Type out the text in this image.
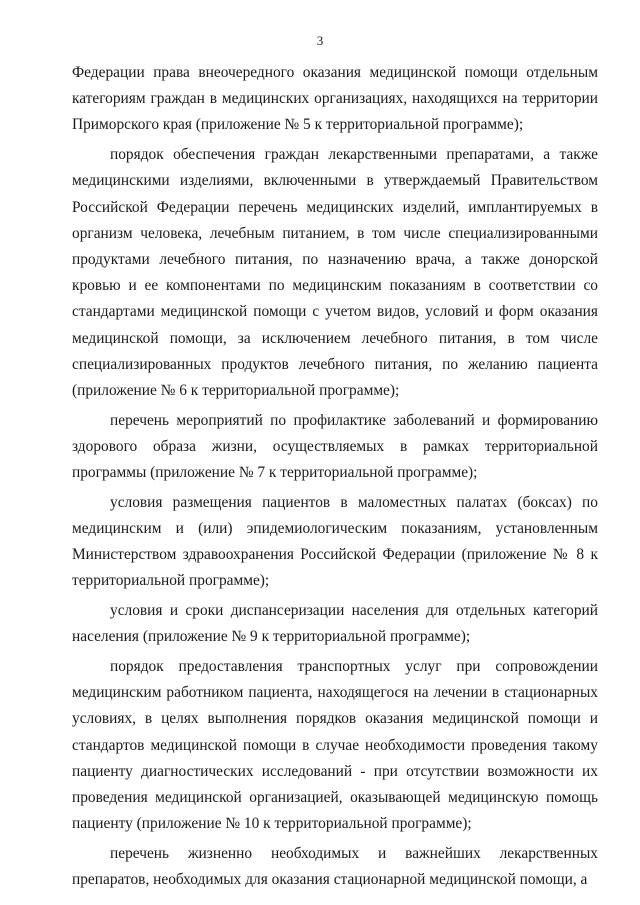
3

Федерации права внеочередного оказания медицинской помощи отдельным категориям граждан в медицинских организациях, находящихся на территории Приморского края (приложение № 5 к территориальной программе);

порядок обеспечения граждан лекарственными препаратами, а также медицинскими изделиями, включенными в утверждаемый Правительством Российской Федерации перечень медицинских изделий, имплантируемых в организм человека, лечебным питанием, в том числе специализированными продуктами лечебного питания, по назначению врача, а также донорской кровью и ее компонентами по медицинским показаниям в соответствии со стандартами медицинской помощи с учетом видов, условий и форм оказания медицинской помощи, за исключением лечебного питания, в том числе специализированных продуктов лечебного питания, по желанию пациента (приложение № 6 к территориальной программе);

перечень мероприятий по профилактике заболеваний и формированию здорового образа жизни, осуществляемых в рамках территориальной программы (приложение № 7 к территориальной программе);

условия размещения пациентов в маломестных палатах (боксах) по медицинским и (или) эпидемиологическим показаниям, установленным Министерством здравоохранения Российской Федерации (приложение № 8 к территориальной программе);

условия и сроки диспансеризации населения для отдельных категорий населения (приложение № 9 к территориальной программе);

порядок предоставления транспортных услуг при сопровождении медицинским работником пациента, находящегося на лечении в стационарных условиях, в целях выполнения порядков оказания медицинской помощи и стандартов медицинской помощи в случае необходимости проведения такому пациенту диагностических исследований - при отсутствии возможности их проведения медицинской организацией, оказывающей медицинскую помощь пациенту (приложение № 10 к территориальной программе);

перечень жизненно необходимых и важнейших лекарственных препаратов, необходимых для оказания стационарной медицинской помощи, а
